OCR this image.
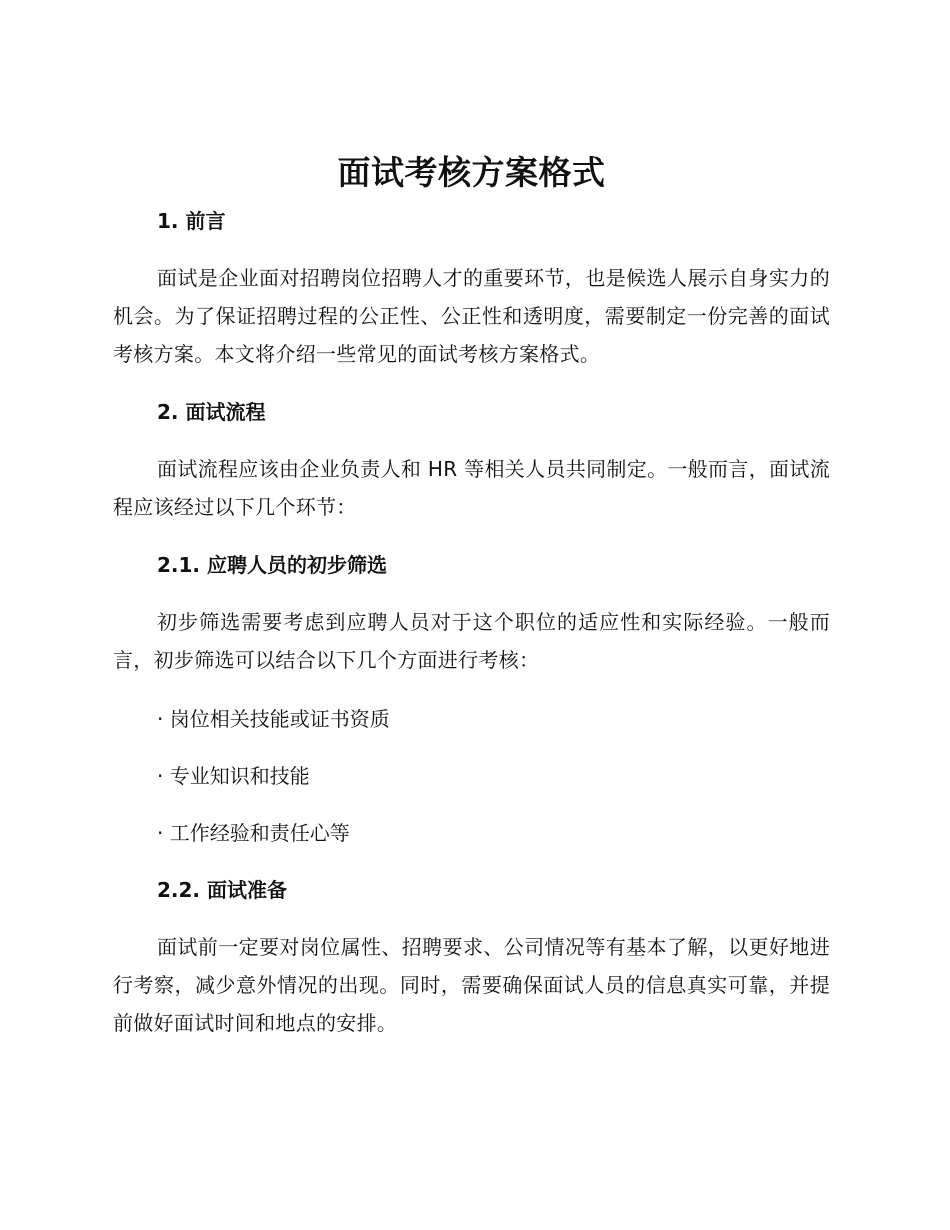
面试考核方案格式
1. 前言

面试是企业面对招聘岗位招聘人才的重要环节，也是候选人展示自身实力的机会。为了保证招聘过程的公正性、公正性和透明度，需要制定一份完善的面试考核方案。本文将介绍一些常见的面试考核方案格式。

2. 面试流程

面试流程应该由企业负责人和 HR 等相关人员共同制定。一般而言，面试流程应该经过以下几个环节：

2.1. 应聘人员的初步筛选

初步筛选需要考虑到应聘人员对于这个职位的适应性和实际经验。一般而言，初步筛选可以结合以下几个方面进行考核：

· 岗位相关技能或证书资质

· 专业知识和技能

· 工作经验和责任心等

2.2. 面试准备

面试前一定要对岗位属性、招聘要求、公司情况等有基本了解，以更好地进行考察，减少意外情况的出现。同时，需要确保面试人员的信息真实可靠，并提前做好面试时间和地点的安排。
